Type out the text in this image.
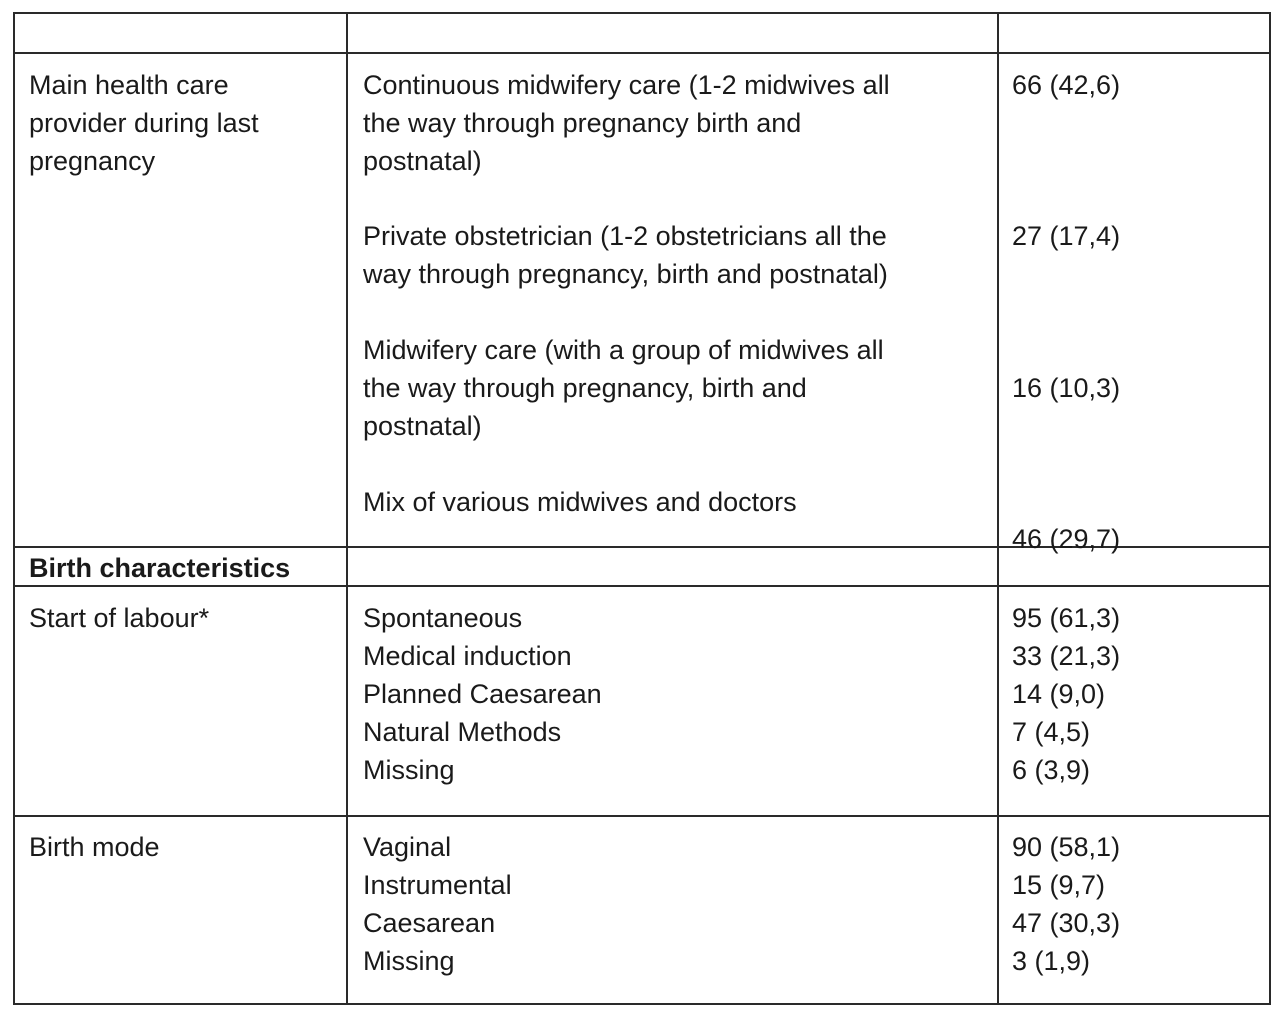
Main health care
provider during last
pregnancy
Continuous midwifery care (1-2 midwives all
the way through pregnancy birth and
postnatal)
66 (42,6)
Private obstetrician (1-2 obstetricians all the
way through pregnancy, birth and postnatal)
27 (17,4)
Midwifery care (with a group of midwives all
the way through pregnancy, birth and
postnatal)
16 (10,3)
Mix of various midwives and doctors
46 (29,7)
Birth characteristics
Start of labour*	Spontaneous
Medical induction
Planned Caesarean
Natural Methods
Missing
95 (61,3)
33 (21,3)
14 (9,0)
7 (4,5)
6 (3,9)
Birth mode	Vaginal
Instrumental
Caesarean
Missing
90 (58,1)
15 (9,7)
47 (30,3)
3 (1,9)
